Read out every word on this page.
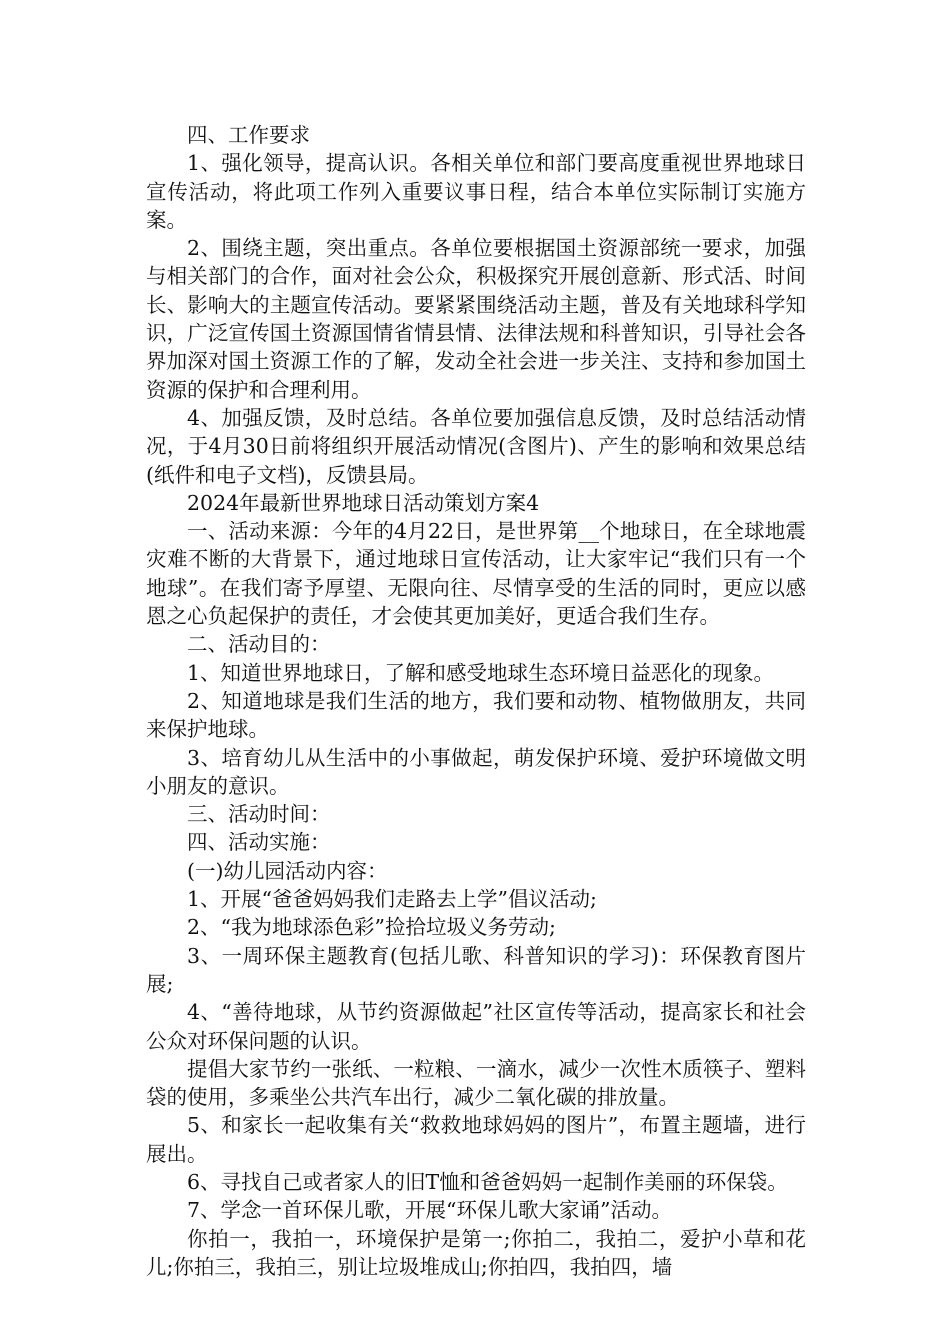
四、工作要求

1、强化领导，提高认识。各相关单位和部门要高度重视世界地球日宣传活动，将此项工作列入重要议事日程，结合本单位实际制订实施方案。

2、围绕主题，突出重点。各单位要根据国土资源部统一要求，加强与相关部门的合作，面对社会公众，积极探究开展创意新、形式活、时间长、影响大的主题宣传活动。要紧紧围绕活动主题，普及有关地球科学知识，广泛宣传国土资源国情省情县情、法律法规和科普知识，引导社会各界加深对国土资源工作的了解，发动全社会进一步关注、支持和参加国土资源的保护和合理利用。

4、加强反馈，及时总结。各单位要加强信息反馈，及时总结活动情况，于4月30日前将组织开展活动情况(含图片)、产生的影响和效果总结(纸件和电子文档)，反馈县局。

2024年最新世界地球日活动策划方案4

一、活动来源：今年的4月22日，是世界第__个地球日，在全球地震灾难不断的大背景下，通过地球日宣传活动，让大家牢记“我们只有一个地球”。在我们寄予厚望、无限向往、尽情享受的生活的同时，更应以感恩之心负起保护的责任，才会使其更加美好，更适合我们生存。

二、活动目的：

1、知道世界地球日，了解和感受地球生态环境日益恶化的现象。

2、知道地球是我们生活的地方，我们要和动物、植物做朋友，共同来保护地球。

3、培育幼儿从生活中的小事做起，萌发保护环境、爱护环境做文明小朋友的意识。

三、活动时间：

四、活动实施：

(一)幼儿园活动内容：

1、开展“爸爸妈妈我们走路去上学”倡议活动;

2、“我为地球添色彩”捡拾垃圾义务劳动;

3、一周环保主题教育(包括儿歌、科普知识的学习)：环保教育图片展;

4、“善待地球，从节约资源做起”社区宣传等活动，提高家长和社会公众对环保问题的认识。

提倡大家节约一张纸、一粒粮、一滴水，减少一次性木质筷子、塑料袋的使用，多乘坐公共汽车出行，减少二氧化碳的排放量。

5、和家长一起收集有关“救救地球妈妈的图片”，布置主题墙，进行展出。

6、寻找自己或者家人的旧T恤和爸爸妈妈一起制作美丽的环保袋。

7、学念一首环保儿歌，开展“环保儿歌大家诵”活动。

你拍一，我拍一，环境保护是第一;你拍二，我拍二，爱护小草和花儿;你拍三，我拍三，别让垃圾堆成山;你拍四，我拍四，墙
